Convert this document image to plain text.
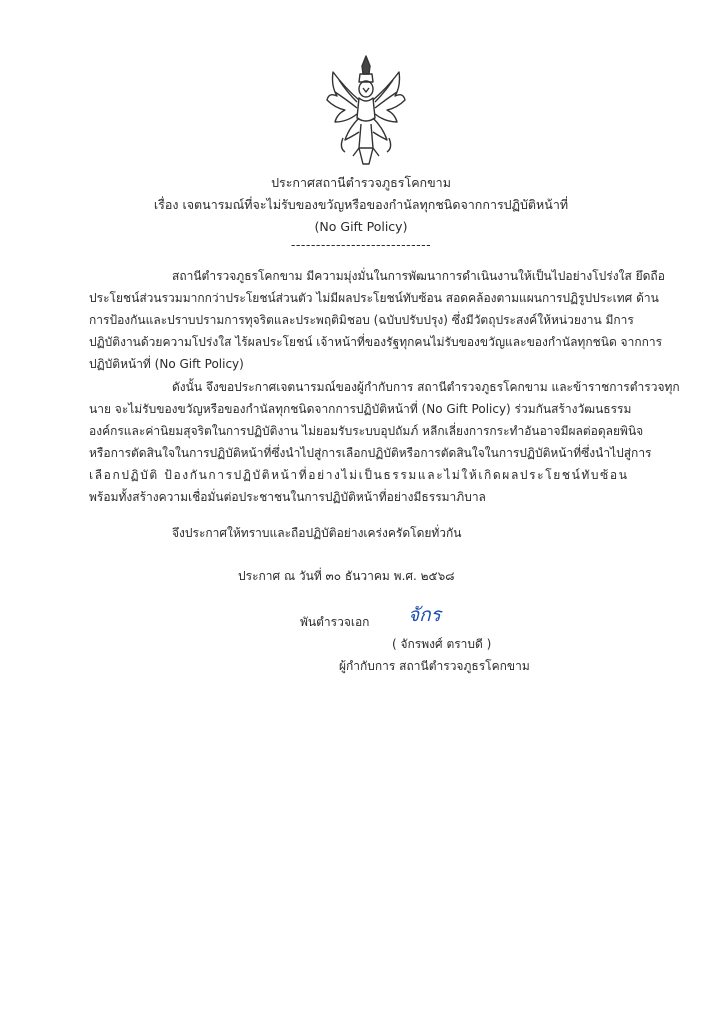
ประกาศสถานีตำรวจภูธรโคกขาม
เรื่อง เจตนารมณ์ที่จะไม่รับของขวัญหรือของกำนัลทุกชนิดจากการปฏิบัติหน้าที่
(No Gift Policy)
----------------------------
สถานีตำรวจภูธรโคกขาม มีความมุ่งมั่นในการพัฒนาการดำเนินงานให้เป็นไปอย่างโปร่งใส ยึดถือ
ประโยชน์ส่วนรวมมากกว่าประโยชน์ส่วนตัว ไม่มีผลประโยชน์ทับซ้อน สอดคล้องตามแผนการปฏิรูปประเทศ ด้าน
การป้องกันและปราบปรามการทุจริตและประพฤติมิชอบ (ฉบับปรับปรุง) ซึ่งมีวัตถุประสงค์ให้หน่วยงาน มีการ
ปฏิบัติงานด้วยความโปร่งใส ไร้ผลประโยชน์ เจ้าหน้าที่ของรัฐทุกคนไม่รับของขวัญและของกำนัลทุกชนิด จากการ
ปฏิบัติหน้าที่ (No Gift Policy)
ดังนั้น จึงขอประกาศเจตนารมณ์ของผู้กำกับการ สถานีตำรวจภูธรโคกขาม และข้าราชการตำรวจทุก
นาย จะไม่รับของขวัญหรือของกำนัลทุกชนิดจากการปฏิบัติหน้าที่ (No Gift Policy) ร่วมกันสร้างวัฒนธรรม
องค์กรและค่านิยมสุจริตในการปฏิบัติงาน ไม่ยอมรับระบบอุปถัมภ์ หลีกเลี่ยงการกระทำอันอาจมีผลต่อดุลยพินิจ
หรือการตัดสินใจในการปฏิบัติหน้าที่ซึ่งนำไปสู่การเลือกปฏิบัติหรือการตัดสินใจในการปฏิบัติหน้าที่ซึ่งนำไปสู่การ
เลือกปฏิบัติ ป้องกันการปฏิบัติหน้าที่อย่างไม่เป็นธรรมและไม่ให้เกิดผลประโยชน์ทับซ้อน
พร้อมทั้งสร้างความเชื่อมั่นต่อประชาชนในการปฏิบัติหน้าที่อย่างมีธรรมาภิบาล
จึงประกาศให้ทราบและถือปฏิบัติอย่างเคร่งครัดโดยทั่วกัน
ประกาศ ณ วันที่ ๓๐ ธันวาคม พ.ศ. ๒๕๖๘
จักร
พันตำรวจเอก
( จักรพงศ์ ตราบดี )
ผู้กำกับการ สถานีตำรวจภูธรโคกขาม
